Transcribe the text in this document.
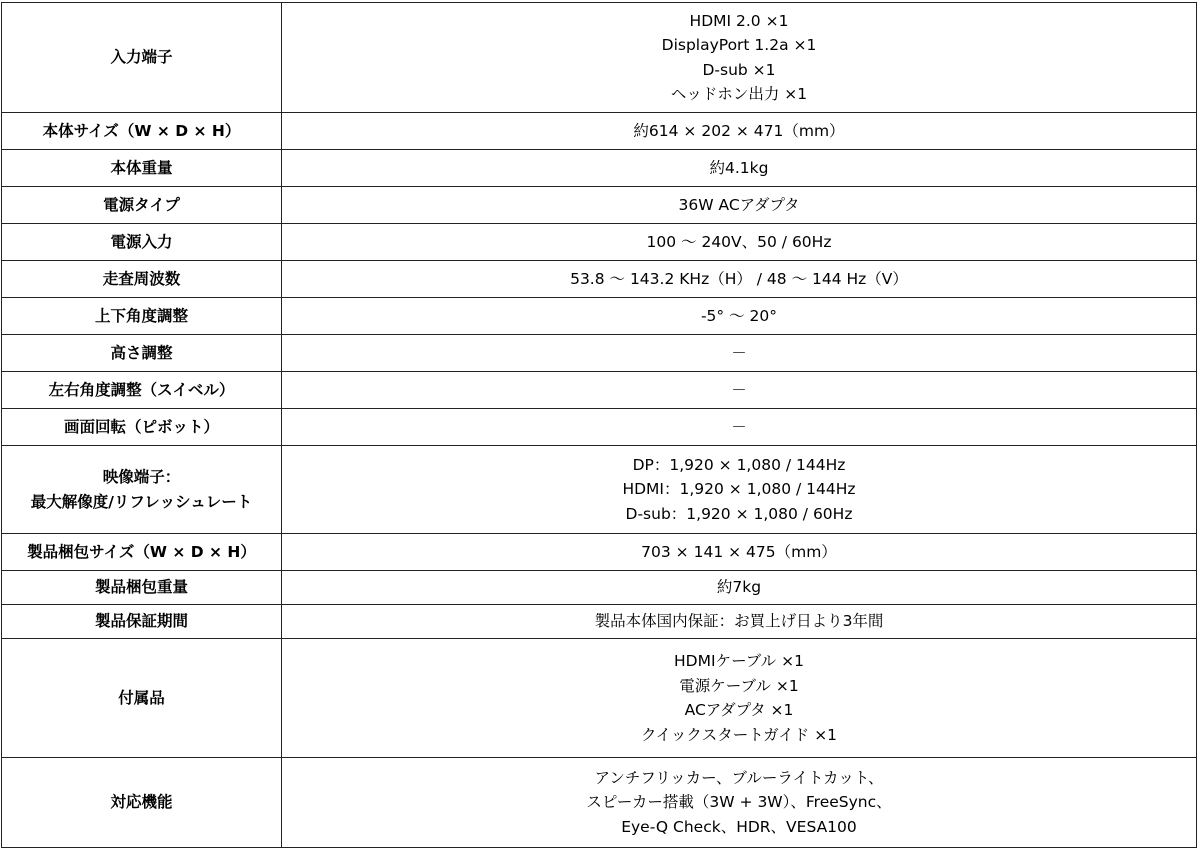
入力端子	HDMI 2.0 ×1
DisplayPort 1.2a ×1
D-sub ×1
ヘッドホン出力 ×1

本体サイズ（W × D × H）	約614 × 202 × 471（mm）

本体重量	約4.1kg

電源タイプ	36W ACアダプタ

電源入力	100 ～ 240V、50 / 60Hz

走査周波数	53.8 ～ 143.2 KHz（H） / 48 ～ 144 Hz（V）

上下角度調整	-5° ～ 20°

高さ調整	－

左右角度調整（スイベル）	－

画面回転（ピボット）	－

映像端子：
最大解像度/リフレッシュレート	DP：1,920 × 1,080 / 144Hz
HDMI：1,920 × 1,080 / 144Hz
D-sub：1,920 × 1,080 / 60Hz

製品梱包サイズ（W × D × H）	703 × 141 × 475（mm）

製品梱包重量	約7kg

製品保証期間	製品本体国内保証：お買上げ日より3年間

付属品	HDMIケーブル ×1
電源ケーブル ×1
ACアダプタ ×1
クイックスタートガイド ×1

対応機能	アンチフリッカー、ブルーライトカット、
スピーカー搭載（3W + 3W）、FreeSync、
Eye-Q Check、HDR、VESA100
